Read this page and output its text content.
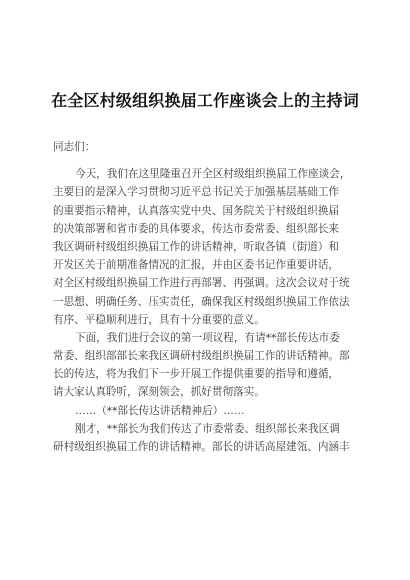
在全区村级组织换届工作座谈会上的主持词
同志们：
今天，我们在这里隆重召开全区村级组织换届工作座谈会，
主要目的是深入学习贯彻习近平总书记关于加强基层基础工作
的重要指示精神，认真落实党中央、国务院关于村级组织换届
的决策部署和省市委的具体要求，传达市委常委、组织部长来
我区调研村级组织换届工作的讲话精神，听取各镇（街道）和
开发区关于前期准备情况的汇报，并由区委书记作重要讲话，
对全区村级组织换届工作进行再部署、再强调。这次会议对于统
一思想、明确任务、压实责任，确保我区村级组织换届工作依法
有序、平稳顺利进行，具有十分重要的意义。
下面，我们进行会议的第一项议程，有请**部长传达市委
常委、组织部部长来我区调研村级组织换届工作的讲话精神。部
长的传达，将为我们下一步开展工作提供重要的指导和遵循，
请大家认真聆听，深刻领会，抓好贯彻落实。
……（**部长传达讲话精神后）……
刚才，**部长为我们传达了市委常委、组织部长来我区调
研村级组织换届工作的讲话精神。部长的讲话高屋建瓴、内涵丰
